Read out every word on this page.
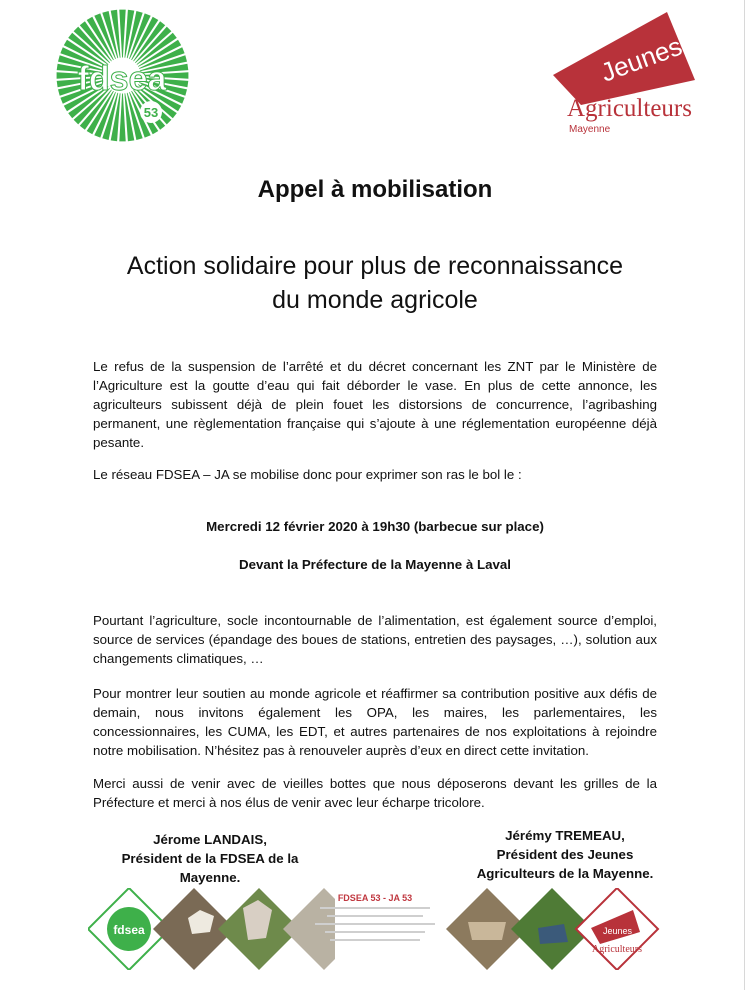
fdsea
53
Jeunes
Agriculteurs
Mayenne
Appel à mobilisation
Action solidaire pour plus de reconnaissance
du monde agricole

Le refus de la suspension de l’arrêté et du décret concernant les ZNT par le Ministère de l’Agriculture est la goutte d’eau qui fait déborder le vase. En plus de cette annonce, les agriculteurs subissent déjà de plein fouet les distorsions de concurrence, l’agribashing permanent, une règlementation française qui s’ajoute à une réglementation européenne déjà pesante.

Le réseau FDSEA – JA se mobilise donc pour exprimer son ras le bol le :

Mercredi 12 février 2020 à 19h30 (barbecue sur place)

Devant la Préfecture de la Mayenne à Laval

Pourtant l’agriculture, socle incontournable de l’alimentation, est également source d’emploi, source de services (épandage des boues de stations, entretien des paysages, …), solution aux changements climatiques, …

Pour montrer leur soutien au monde agricole et réaffirmer sa contribution positive aux défis de demain, nous invitons également les OPA, les maires, les parlementaires, les concessionnaires, les CUMA, les EDT, et autres partenaires de nos exploitations à rejoindre notre mobilisation. N’hésitez pas à renouveler auprès d’eux en direct cette invitation.

Merci aussi de venir avec de vieilles bottes que nous déposerons devant les grilles de la Préfecture et merci à nos élus de venir avec leur écharpe tricolore.

Jérome LANDAIS,
Président de la FDSEA de la
Mayenne.
Jérémy TREMEAU,
Président des Jeunes
Agriculteurs de la Mayenne.
fdsea	Jeunes
Agriculteurs
FDSEA 53 - JA 53
